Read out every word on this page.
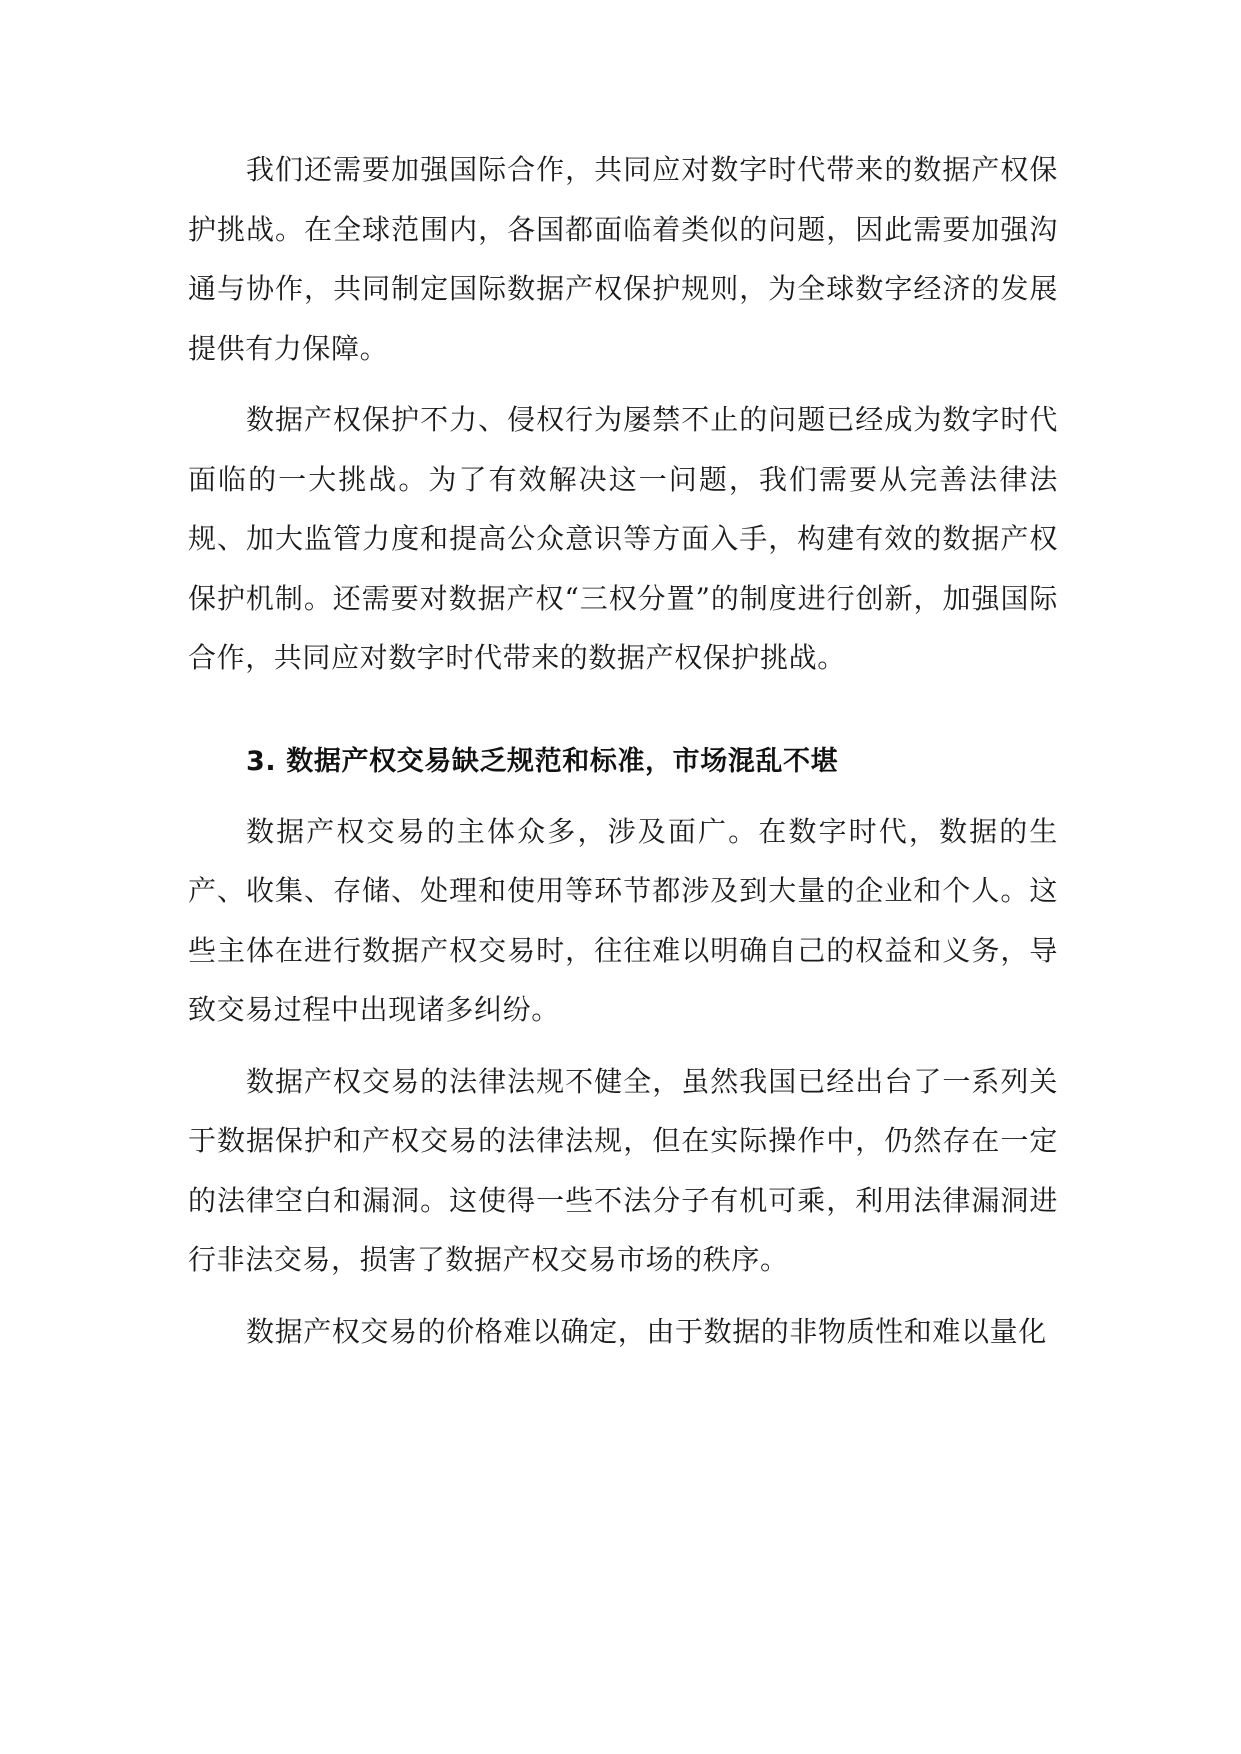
我们还需要加强国际合作，共同应对数字时代带来的数据产权保护挑战。在全球范围内，各国都面临着类似的问题，因此需要加强沟通与协作，共同制定国际数据产权保护规则，为全球数字经济的发展提供有力保障。

数据产权保护不力、侵权行为屡禁不止的问题已经成为数字时代面临的一大挑战。为了有效解决这一问题，我们需要从完善法律法规、加大监管力度和提高公众意识等方面入手，构建有效的数据产权保护机制。还需要对数据产权“三权分置”的制度进行创新，加强国际合作，共同应对数字时代带来的数据产权保护挑战。

3. 数据产权交易缺乏规范和标准，市场混乱不堪

数据产权交易的主体众多，涉及面广。在数字时代，数据的生产、收集、存储、处理和使用等环节都涉及到大量的企业和个人。这些主体在进行数据产权交易时，往往难以明确自己的权益和义务，导致交易过程中出现诸多纠纷。

数据产权交易的法律法规不健全，虽然我国已经出台了一系列关于数据保护和产权交易的法律法规，但在实际操作中，仍然存在一定的法律空白和漏洞。这使得一些不法分子有机可乘，利用法律漏洞进行非法交易，损害了数据产权交易市场的秩序。

数据产权交易的价格难以确定，由于数据的非物质性和难以量化
